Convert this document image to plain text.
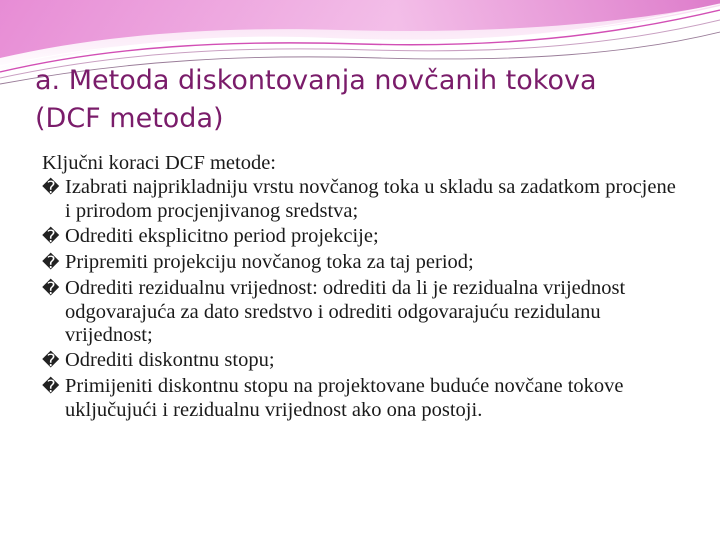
a. Metoda diskontovanja novčanih tokova
(DCF metoda)
Ključni koraci DCF metode:
� Izabrati najprikladniju vrstu novčanog toka u skladu sa zadatkom procjene i prirodom procjenjivanog sredstva;
� Odrediti eksplicitno period projekcije;
� Pripremiti projekciju novčanog toka za taj period;
� Odrediti rezidualnu vrijednost: odrediti da li je rezidualna vrijednost odgovarajuća za dato sredstvo i odrediti odgovarajuću rezidulanu vrijednost;
� Odrediti diskontnu stopu;
� Primijeniti diskontnu stopu na projektovane buduće novčane tokove uključujući i rezidualnu vrijednost ako ona postoji.
